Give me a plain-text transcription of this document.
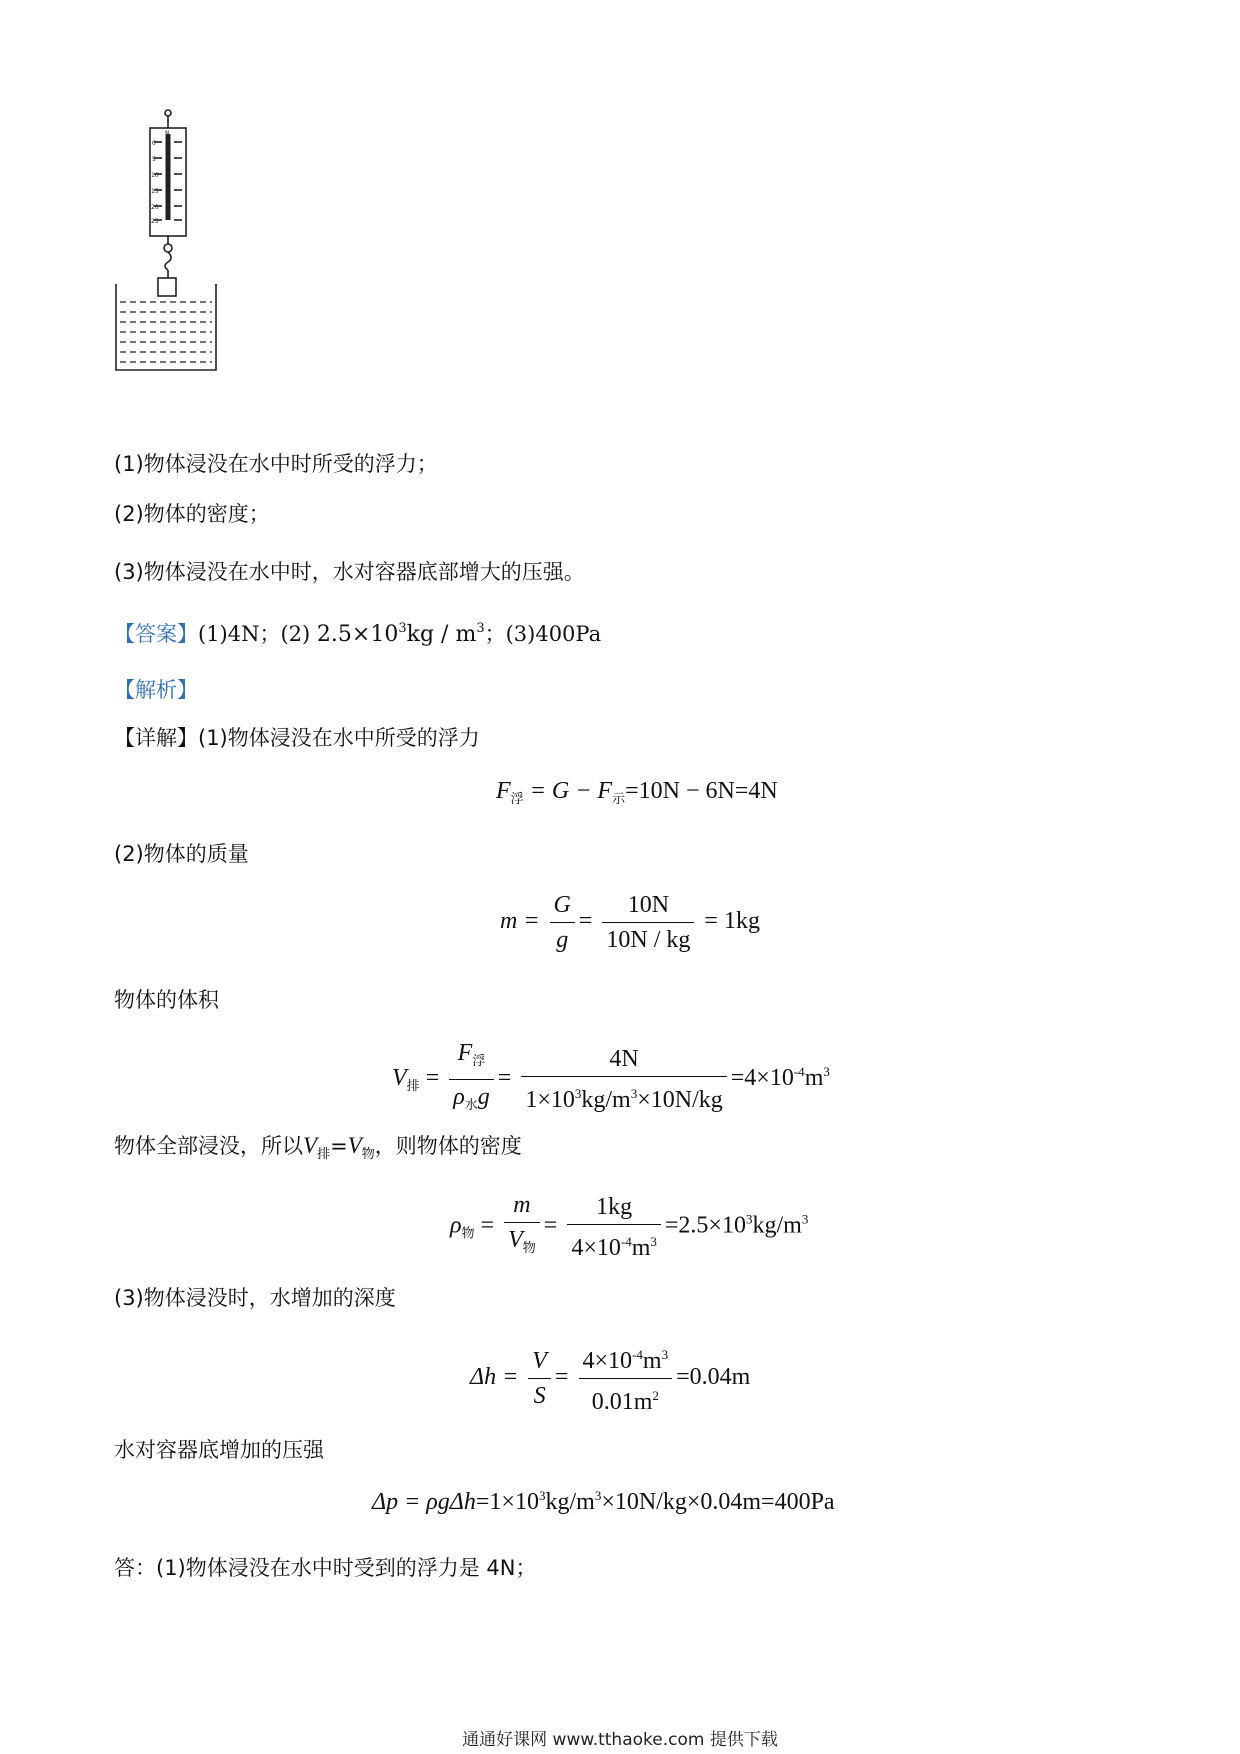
N
0
5
10
15
20
25
(1)物体浸没在水中时所受的浮力；
(2)物体的密度；
(3)物体浸没在水中时，水对容器底部增大的压强。
【答案】(1)4N；(2) $2.5\times 10^3kg / m^3$；(3)400Pa
【解析】
【详解】(1)物体浸没在水中所受的浮力
$F_浮 = G - F_示=10N - 6N=4N$
(2)物体的质量
$m = \frac{G}{g} = \frac{10N}{10N / kg} = 1kg$
物体的体积
$V_排 = \frac{F_浮}{\rho_水g} = \frac{4N}{1\times 10^3kg/m^3\times 10N/kg} =4\times 10^{-4}m^3$
物体全部浸没，所以$V_排=V_物$，则物体的密度
$\rho_物 = \frac{m}{V_物} = \frac{1kg}{4\times 10^{-4}m^3} =2.5\times 10^3kg/m^3$
(3)物体浸没时，水增加的深度
$\Delta h = \frac{V}{S} = \frac{4\times 10^{-4}m^3}{0.01m^2} =0.04m$
水对容器底增加的压强
$\Delta p = \rho g\Delta h=1\times 10^3kg/m^3\times 10N/kg\times 0.04m=400Pa$
答：(1)物体浸没在水中时受到的浮力是 4N；
通通好课网 www.tthaoke.com 提供下载
